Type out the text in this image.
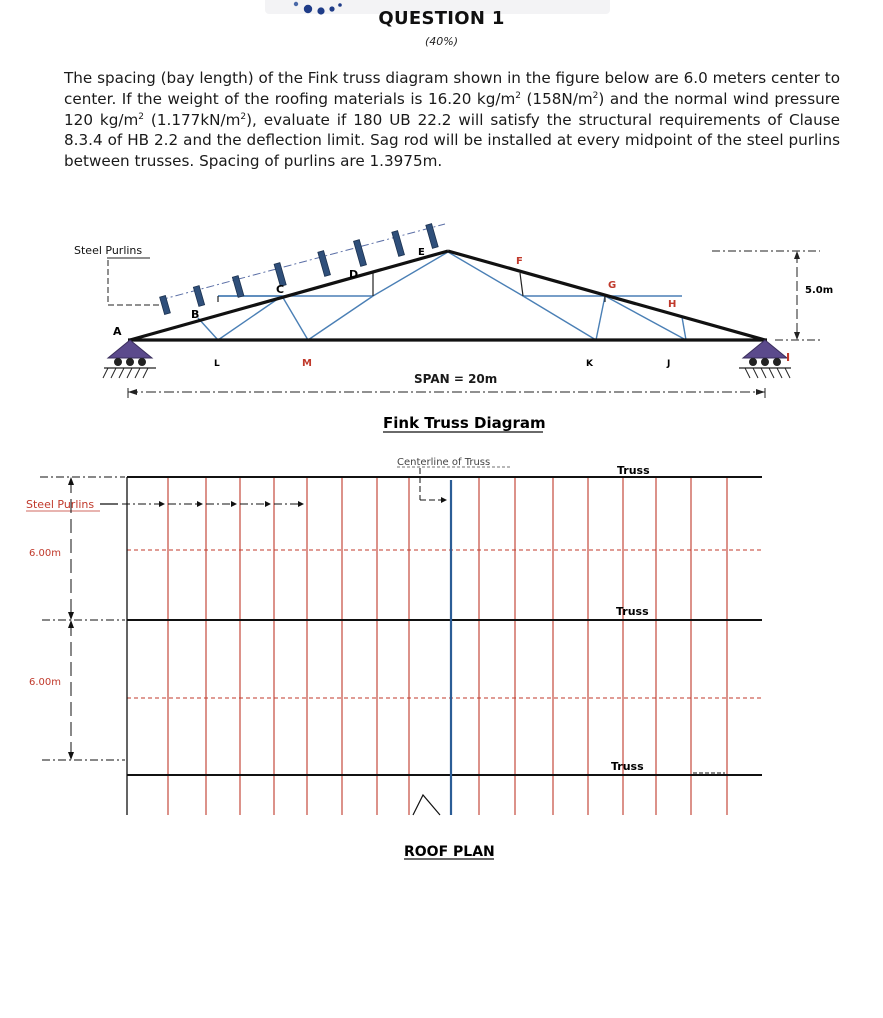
QUESTION 1
(40%)
The spacing (bay length) of the Fink truss diagram shown in the figure below are 6.0 meters center to center. If the weight of the roofing materials is 16.20 $kg/m^2$ $(158N/m^2)$ and the normal wind pressure 120 $kg/m^2$ $(1.177kN/m^2)$, evaluate if 180 UB 22.2 will satisfy the structural requirements of Clause 8.3.4 of HB 2.2 and the deflection limit. Sag rod will be installed at every midpoint of the steel purlins between trusses. Spacing of purlins are 1.3975m.
Steel Purlins
A
B
C
D
E
F
G
H
I
J
K
L	M
SPAN = 20m
5.0m
Fink Truss Diagram
Centerline of Truss
Truss
Truss
Truss
Steel Purlins
6.00m
6.00m
ROOF PLAN
